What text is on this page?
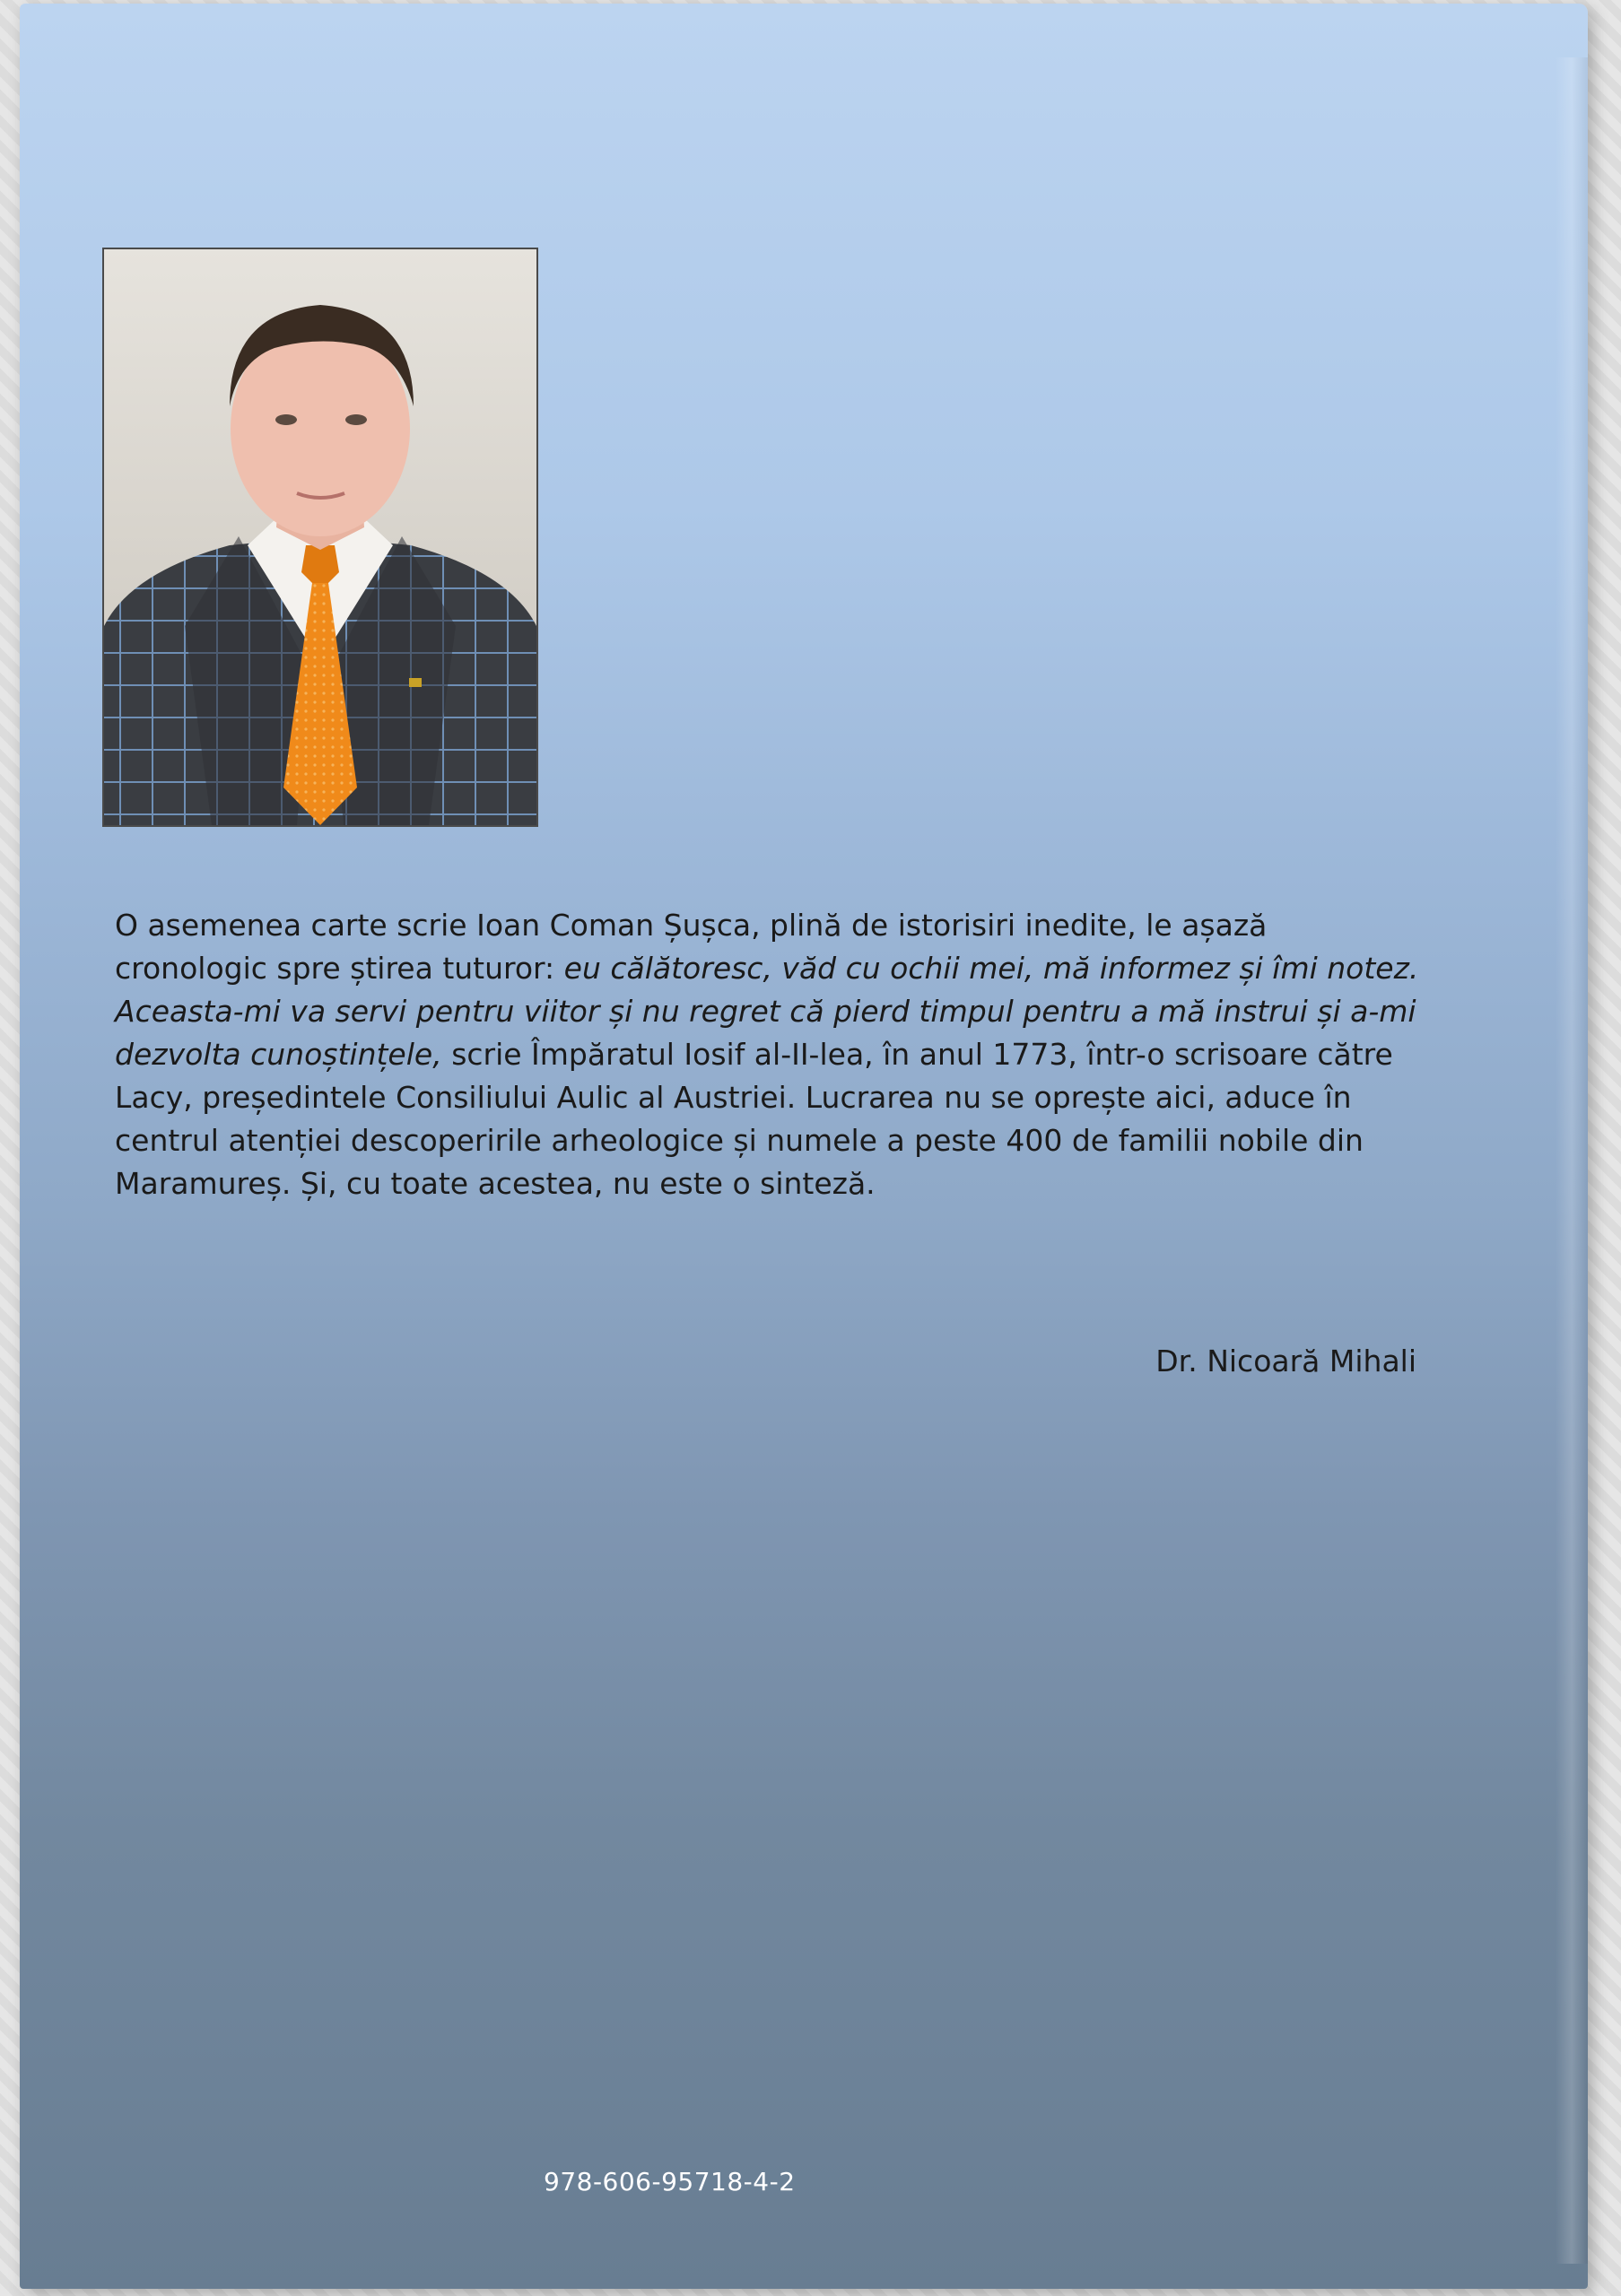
O asemenea carte scrie Ioan Coman Șușca, plină de istorisiri inedite, le așază cronologic spre știrea tuturor: eu călătoresc, văd cu ochii mei, mă informez și îmi notez. Aceasta-mi va servi pentru viitor și nu regret că pierd timpul pentru a mă instrui și a-mi dezvolta cunoștințele, scrie Împăratul Iosif al-II-lea, în anul 1773, într-o scrisoare către Lacy, președintele Consiliului Aulic al Austriei. Lucrarea nu se oprește aici, aduce în centrul atenției descoperirile arheologice și numele a peste 400 de familii nobile din Maramureș. Și, cu toate acestea, nu este o sinteză.

Dr. Nicoară Mihali

978-606-95718-4-2
